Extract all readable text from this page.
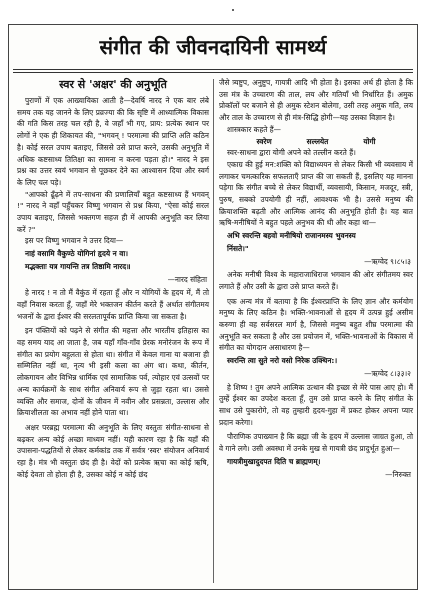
संगीत की जीवनदायिनी सामर्थ्य
स्वर से 'अक्षर' की अनुभूति

पुराणों में एक आख्यायिका आती है—देवर्षि नारद ने एक बार लंबे समय तक यह जानने के लिए प्रव्रज्या की कि सृष्टि में आध्यात्मिक विकास की गति किस तरह चल रही है, वे जहाँ भी गए, प्राय: प्रत्येक स्थान पर लोगों ने एक ही शिकायत की, "भगवन् ! परमात्मा की प्राप्ति अति कठिन है। कोई सरल उपाय बताइए, जिससे उसे प्राप्त करने, उसकी अनुभूति में अधिक कष्टसाध्य तितिक्षा का सामना न करना पड़ता हो।" नारद ने इस प्रश्न का उत्तर स्वयं भगवान से पूछकर देने का आश्वासन दिया और स्वर्ग के लिए चल पड़े।

"आपको ढूँढ़ने में तप-साधना की प्रणालियाँ बहुत कष्टसाध्य हैं भगवन् !" नारद ने वहाँ पहुँचकर विष्णु भगवान से प्रश्न किया, "ऐसा कोई सरल उपाय बताइए, जिससे भक्तगण सहज ही में आपकी अनुभूति कर लिया करें ?"

इस पर विष्णु भगवान ने उत्तर दिया—

नाहं वसामि वैकुण्ठे योगिनां हृदये न वा।
मद्भक्ताः यत्र गायन्ति तत्र तिष्ठामि नारद॥
—नारद संहिता

हे नारद ! न तो मैं वैकुंठ में रहता हूँ और न योगियों के हृदय में, मैं तो वहाँ निवास करता हूँ, जहाँ मेरे भक्तजन कीर्तन करते हैं अर्थात संगीतमय भजनों के द्वारा ईश्वर की सरलतापूर्वक प्राप्ति किया जा सकता है।

इन पंक्तियों को पढ़ने से संगीत की महत्ता और भारतीय इतिहास का वह समय याद आ जाता है, जब यहाँ गाँव-गाँव प्रेरक मनोरंजन के रूप में संगीत का प्रयोग बहुलता से होता था। संगीत में केवल गाना या बजाना ही सम्मिलित नहीं था, नृत्य भी इसी कला का अंग था। कथा, कीर्तन, लोकगायन और विभिन्न धार्मिक एवं सामाजिक पर्व, त्योहार एवं उत्सवों पर अन्य कार्यक्रमों के साथ संगीत अनिवार्य रूप से जुड़ा रहता था। उससे व्यक्ति और समाज, दोनों के जीवन में नवीन और प्रसन्नता, उल्लास और क्रियाशीलता का अभाव नहीं होने पाता था।

अक्षर परब्रह्म परमात्मा की अनुभूति के लिए वस्तुतः संगीत-साधना से बढ़कर अन्य कोई अच्छा माध्यम नहीं। यही कारण रहा है कि यहाँ की उपासना-पद्धतियों से लेकर कर्मकांड तक में सर्वत्र 'स्वर' संयोजन अनिवार्य रहा है। मंत्र भी वस्तुतः छंद ही है। वेदों को प्रत्येक ऋचा का कोई ऋषि, कोई देवता तो होता ही है, उसका कोई न कोई छंद

जैसे त्र्यष्टुप, अनुष्टुप, गायत्री आदि भी होता है। इसका अर्थ ही होता है कि उस मंत्र के उच्चारण की ताल, लय और गतियाँ भी निर्धारित हैं। अमुक प्रोकॉलों पर बजाने से ही अमुक स्टेशन बोलेगा, उसी तरह अमुक गति, लय और ताल के उच्चारण से ही मंत्र-सिद्धि होगी—यह उसका विज्ञान है।

शास्त्रकार कहते हैं—

स्वरेण	सल्लयेत	योगी

स्वर-साधना द्वारा योगी अपने को तल्लीन करते हैं।

एकाग्र की हुई मन:शक्ति को विद्याध्ययन से लेकर किसी भी व्यवसाय में लगाकर चमत्कारिक सफलताएँ प्राप्त की जा सकती हैं, इसलिए यह मानना पड़ेगा कि संगीत बच्चे से लेकर विद्यार्थी, व्यवसायी, किसान, मजदूर, स्त्री, पुरुष, सबको उपयोगी ही नहीं, आवश्यक भी है। उससे मनुष्य की क्रियाशक्ति बढ़ती और आत्मिक आनंद की अनुभूति होती है। यह बात ऋषि-मनीषियों ने बहुत पहले अनुभव की थी और कहा था—

अभि स्वरन्ति बहवो मनीषियो राजानमस्य भुवनस्य
निंसते।"
—ऋग्वेद ९।८५।३

अनेक मनीषी विश्व के महाराजाधिराज भगवान की ओर संगीतमय स्वर लगाते हैं और उसी के द्वारा उसे प्राप्त करते हैं।

एक अन्य मंत्र में बताया है कि ईश्वरप्राप्ति के लिए ज्ञान और कर्मयोग मनुष्य के लिए कठिन है। भक्ति-भावनाओं से हृदय में उत्पन्न हुई असीम करुणा ही वह सर्वसरल मार्ग है, जिससे मनुष्य बहुत शीघ्र परमात्मा की अनुभूति कर सकता है और उस प्रयोजन में, भक्ति-भावनाओं के विकास में संगीत का योगदान असाधारण है—

स्वरन्ति त्वा सुते नरो वसो निरेक उक्थिन:।
—ऋग्वेद ८।३३।२

हे शिष्य ! तुम अपने आत्मिक उत्थान की इच्छा से मेरे पास आए हो। मैं तुम्हें ईश्वर का उपदेश करता हूँ, तुम उसे प्राप्त करने के लिए संगीत के साथ उसे पुकारोगे, तो वह तुम्हारी हृदय-गुहा में प्रकट होकर अपना प्यार प्रदान करेगा।

पौराणिक उपाख्यान है कि ब्रह्मा जी के हृदय में उल्लास जाग्रत हुआ, तो वे गाने लगे। उसी अवस्था में उनके मुख से गायत्री छंद प्रादुर्भूत हुआ—

गायत्रीमुखादुदपत दिति च ब्राह्मणम्।
—निरुक्त
